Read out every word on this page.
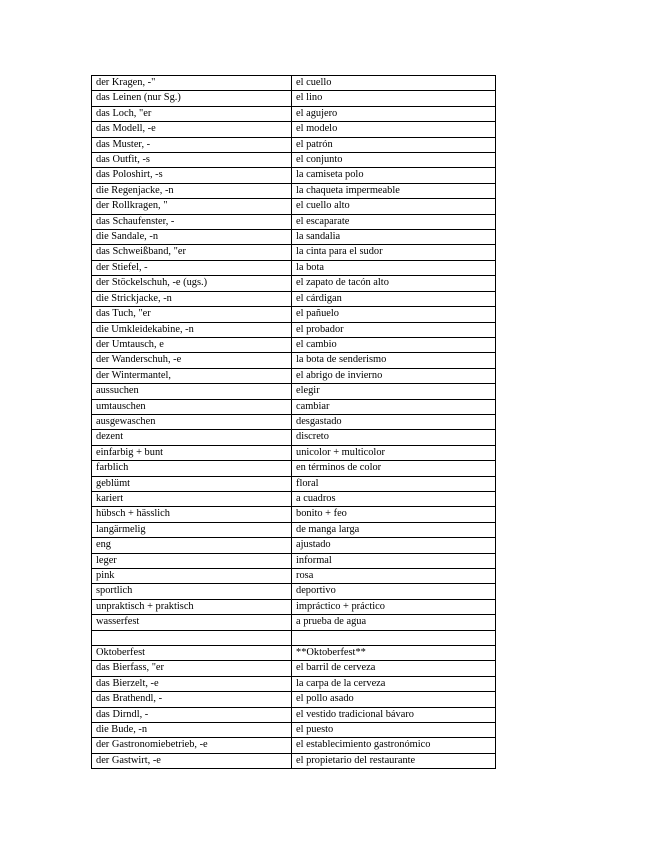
der Kragen, -"	el cuello
das Leinen (nur Sg.)	el lino
das Loch, "er	el agujero
das Modell, -e	el modelo
das Muster, -	el patrón
das Outfit, -s	el conjunto
das Poloshirt, -s	la camiseta polo
die Regenjacke, -n	la chaqueta impermeable
der Rollkragen, "	el cuello alto
das Schaufenster, -	el escaparate
die Sandale, -n	la sandalia
das Schweißband, "er	la cinta para el sudor
der Stiefel, -	la bota
der Stöckelschuh, -e (ugs.)	el zapato de tacón alto
die Strickjacke, -n	el cárdigan
das Tuch, "er	el pañuelo
die Umkleidekabine, -n	el probador
der Umtausch, e	el cambio
der Wanderschuh, -e	la bota de senderismo
der Wintermantel,	el abrigo de invierno
aussuchen	elegir
umtauschen	cambiar
ausgewaschen	desgastado
dezent	discreto
einfarbig + bunt	unicolor + multicolor
farblich	en términos de color
geblümt	floral
kariert	a cuadros
hübsch + hässlich	bonito + feo
langärmelig	de manga larga
eng	ajustado
leger	informal
pink	rosa
sportlich	deportivo
unpraktisch + praktisch	impráctico + práctico
wasserfest	a prueba de agua

Oktoberfest	**Oktoberfest**
das Bierfass, "er	el barril de cerveza
das Bierzelt, -e	la carpa de la cerveza
das Brathendl, -	el pollo asado
das Dirndl, -	el vestido tradicional bávaro
die Bude, -n	el puesto
der Gastronomiebetrieb, -e	el establecimiento gastronómico
der Gastwirt, -e	el propietario del restaurante
